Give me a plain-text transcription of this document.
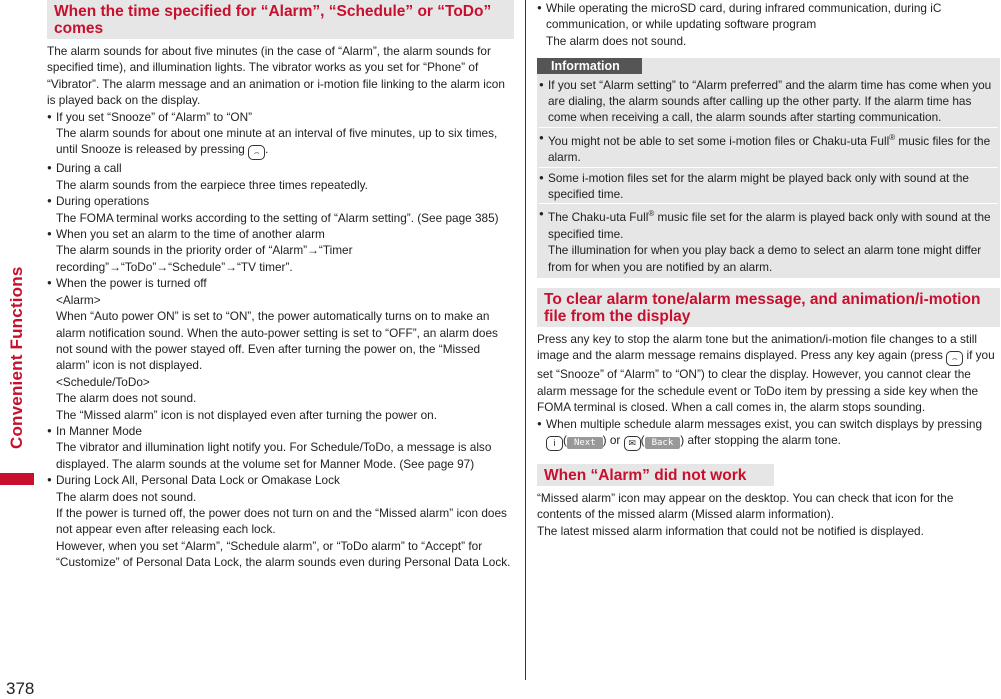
Convenient Functions
378
When the time specified for “Alarm”, “Schedule” or “ToDo” comes

The alarm sounds for about five minutes (in the case of “Alarm”, the alarm sounds for specified time), and illumination lights. The vibrator works as you set for “Phone” of “Vibrator”. The alarm message and an animation or i-motion file linking to the alarm icon is played back on the display.

● If you set “Snooze” of “Alarm” to “ON”

The alarm sounds for about one minute at an interval of five minutes, up to six times, until Snooze is released by pressing ⌢ .

● During a call

The alarm sounds from the earpiece three times repeatedly.

● During operations

The FOMA terminal works according to the setting of “Alarm setting”. (See page 385)

● When you set an alarm to the time of another alarm

The alarm sounds in the priority order of “Alarm”→“Timer recording”→“ToDo”→“Schedule”→“TV timer”.

● When the power is turned off

<Alarm>

When “Auto power ON” is set to “ON”, the power automatically turns on to make an alarm notification sound. When the auto-power setting is set to “OFF”, an alarm does not sound with the power stayed off. Even after turning the power on, the “Missed alarm” icon is not displayed.

<Schedule/ToDo>

The alarm does not sound.

The “Missed alarm” icon is not displayed even after turning the power on.

● In Manner Mode

The vibrator and illumination light notify you. For Schedule/ToDo, a message is also displayed. The alarm sounds at the volume set for Manner Mode. (See page 97)

● During Lock All, Personal Data Lock or Omakase Lock

The alarm does not sound.

If the power is turned off, the power does not turn on and the “Missed alarm” icon does not appear even after releasing each lock.

However, when you set “Alarm”, “Schedule alarm”, or “ToDo alarm” to “Accept” for “Customize” of Personal Data Lock, the alarm sounds even during Personal Data Lock.

● While operating the microSD card, during infrared communication, during iC communication, or while updating software program

The alarm does not sound.

Information

● If you set “Alarm setting” to “Alarm preferred” and the alarm time has come when you are dialing, the alarm sounds after calling up the other party. If the alarm time has come when receiving a call, the alarm sounds after starting communication.

● You might not be able to set some i-motion files or Chaku-uta Full® music files for the alarm.

● Some i-motion files set for the alarm might be played back only with sound at the specified time.

● The Chaku-uta Full® music file set for the alarm is played back only with sound at the specified time.

The illumination for when you play back a demo to select an alarm tone might differ from for when you are notified by an alarm.

To clear alarm tone/alarm message, and animation/i-motion file from the display

Press any key to stop the alarm tone but the animation/i-motion file changes to a still image and the alarm message remains displayed. Press any key again (press ⌢ if you set “Snooze” of “Alarm” to “ON”) to clear the display. However, you cannot clear the alarm message for the schedule event or ToDo item by pressing a side key when the FOMA terminal is closed. When a call comes in, the alarm stops sounding.

● When multiple schedule alarm messages exist, you can switch displays by pressing i ( Next ) or ✉ ( Back ) after stopping the alarm tone.

When “Alarm” did not work

“Missed alarm” icon may appear on the desktop. You can check that icon for the contents of the missed alarm (Missed alarm information).

The latest missed alarm information that could not be notified is displayed.
